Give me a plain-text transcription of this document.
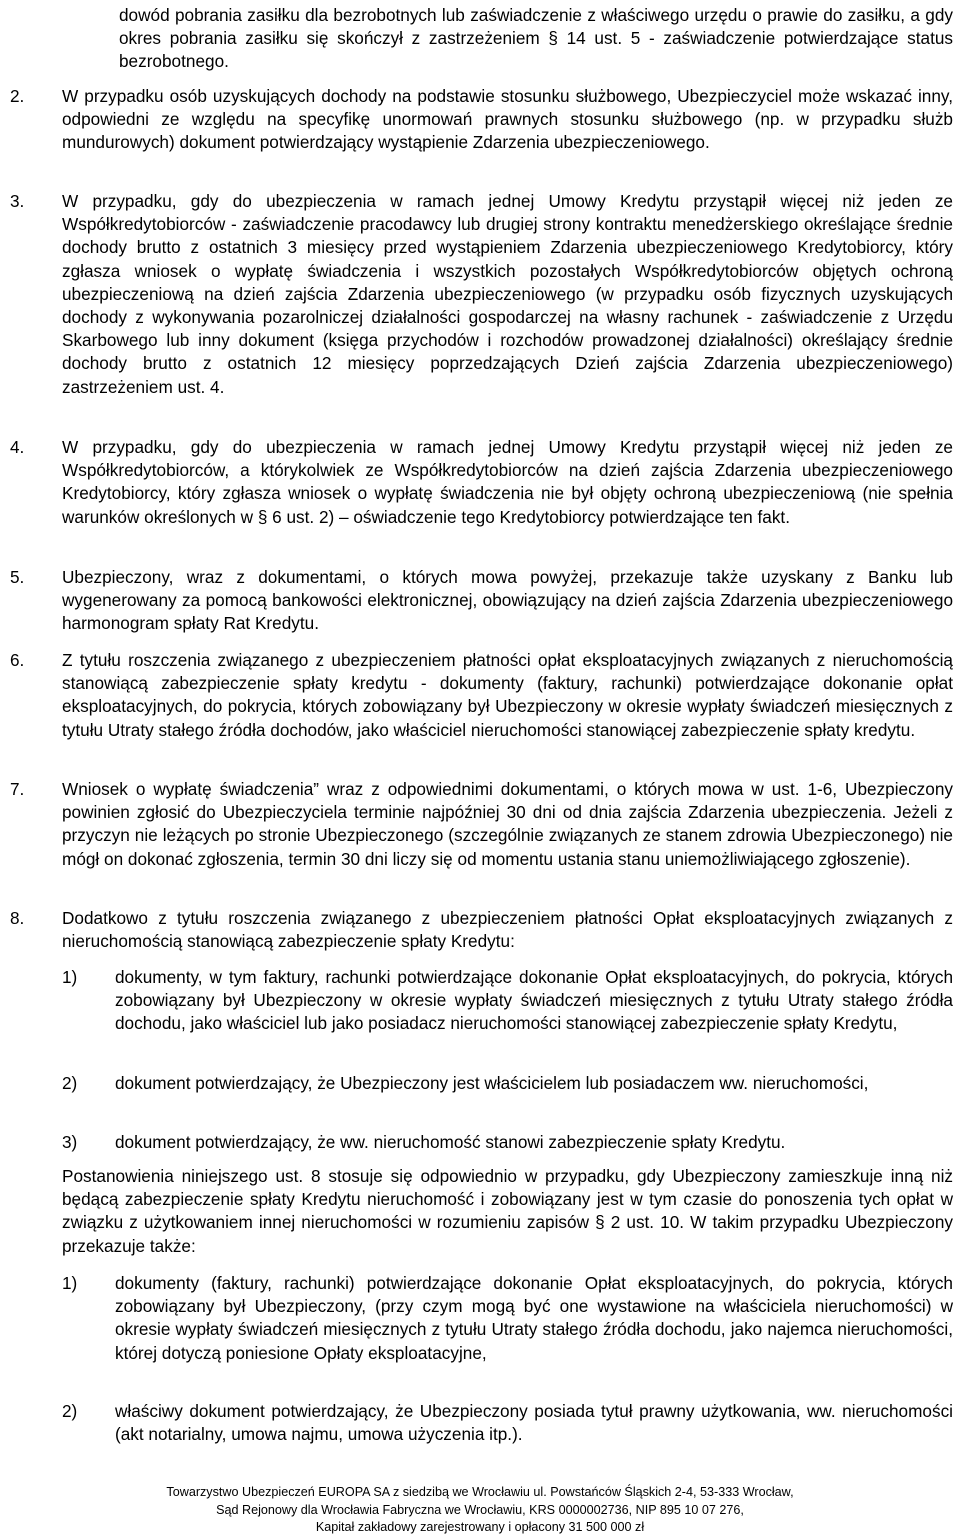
dowód pobrania zasiłku dla bezrobotnych lub zaświadczenie z właściwego urzędu o prawie do zasiłku, a gdy okres pobrania zasiłku się skończył z zastrzeżeniem § 14 ust. 5 - zaświadczenie potwierdzające status bezrobotnego.
2. W przypadku osób uzyskujących dochody na podstawie stosunku służbowego, Ubezpieczyciel może wskazać inny, odpowiedni ze względu na specyfikę unormowań prawnych stosunku służbowego (np. w przypadku służb mundurowych) dokument potwierdzający wystąpienie Zdarzenia ubezpieczeniowego.
3. W przypadku, gdy do ubezpieczenia w ramach jednej Umowy Kredytu przystąpił więcej niż jeden ze Współkredytobiorców - zaświadczenie pracodawcy lub drugiej strony kontraktu menedżerskiego określające średnie dochody brutto z ostatnich 3 miesięcy przed wystąpieniem Zdarzenia ubezpieczeniowego Kredytobiorcy, który zgłasza wniosek o wypłatę świadczenia i wszystkich pozostałych Współkredytobiorców objętych ochroną ubezpieczeniową na dzień zajścia Zdarzenia ubezpieczeniowego (w przypadku osób fizycznych uzyskujących dochody z wykonywania pozarolniczej działalności gospodarczej na własny rachunek - zaświadczenie z Urzędu Skarbowego lub inny dokument (księga przychodów i rozchodów prowadzonej działalności) określający średnie dochody brutto z ostatnich 12 miesięcy poprzedzających Dzień zajścia Zdarzenia ubezpieczeniowego) zastrzeżeniem ust. 4.
4. W przypadku, gdy do ubezpieczenia w ramach jednej Umowy Kredytu przystąpił więcej niż jeden ze Współkredytobiorców, a którykolwiek ze Współkredytobiorców na dzień zajścia Zdarzenia ubezpieczeniowego Kredytobiorcy, który zgłasza wniosek o wypłatę świadczenia nie był objęty ochroną ubezpieczeniową (nie spełnia warunków określonych w § 6 ust. 2) – oświadczenie tego Kredytobiorcy potwierdzające ten fakt.
5. Ubezpieczony, wraz z dokumentami, o których mowa powyżej, przekazuje także uzyskany z Banku lub wygenerowany za pomocą bankowości elektronicznej, obowiązujący na dzień zajścia Zdarzenia ubezpieczeniowego harmonogram spłaty Rat Kredytu.
6. Z tytułu roszczenia związanego z ubezpieczeniem płatności opłat eksploatacyjnych związanych z nieruchomością stanowiącą zabezpieczenie spłaty kredytu - dokumenty (faktury, rachunki) potwierdzające dokonanie opłat eksploatacyjnych, do pokrycia, których zobowiązany był Ubezpieczony w okresie wypłaty świadczeń miesięcznych z tytułu Utraty stałego źródła dochodów, jako właściciel nieruchomości stanowiącej zabezpieczenie spłaty kredytu.
7. Wniosek o wypłatę świadczenia” wraz z odpowiednimi dokumentami, o których mowa w ust. 1-6, Ubezpieczony powinien zgłosić do Ubezpieczyciela terminie najpóźniej 30 dni od dnia zajścia Zdarzenia ubezpieczenia. Jeżeli z przyczyn nie leżących po stronie Ubezpieczonego (szczególnie związanych ze stanem zdrowia Ubezpieczonego) nie mógł on dokonać zgłoszenia, termin 30 dni liczy się od momentu ustania stanu uniemożliwiającego zgłoszenie).
8. Dodatkowo z tytułu roszczenia związanego z ubezpieczeniem płatności Opłat eksploatacyjnych związanych z nieruchomością stanowiącą zabezpieczenie spłaty Kredytu:
1) dokumenty, w tym faktury, rachunki potwierdzające dokonanie Opłat eksploatacyjnych, do pokrycia, których zobowiązany był Ubezpieczony w okresie wypłaty świadczeń miesięcznych z tytułu Utraty stałego źródła dochodu, jako właściciel lub jako posiadacz nieruchomości stanowiącej zabezpieczenie spłaty Kredytu,
2) dokument potwierdzający, że Ubezpieczony jest właścicielem lub posiadaczem ww. nieruchomości,
3) dokument potwierdzający, że ww. nieruchomość stanowi zabezpieczenie spłaty Kredytu.
Postanowienia niniejszego ust. 8 stosuje się odpowiednio w przypadku, gdy Ubezpieczony zamieszkuje inną niż będącą zabezpieczenie spłaty Kredytu nieruchomość i zobowiązany jest w tym czasie do ponoszenia tych opłat w związku z użytkowaniem innej nieruchomości w rozumieniu zapisów § 2 ust. 10. W takim przypadku Ubezpieczony przekazuje także:
1) dokumenty (faktury, rachunki) potwierdzające dokonanie Opłat eksploatacyjnych, do pokrycia, których zobowiązany był Ubezpieczony, (przy czym mogą być one wystawione na właściciela nieruchomości) w okresie wypłaty świadczeń miesięcznych z tytułu Utraty stałego źródła dochodu, jako najemca nieruchomości, której dotyczą poniesione Opłaty eksploatacyjne,
2) właściwy dokument potwierdzający, że Ubezpieczony posiada tytuł prawny użytkowania, ww. nieruchomości (akt notarialny, umowa najmu, umowa użyczenia itp.).
Towarzystwo Ubezpieczeń EUROPA SA z siedzibą we Wrocławiu ul. Powstańców Śląskich 2-4, 53-333 Wrocław,
Sąd Rejonowy dla Wrocławia Fabryczna we Wrocławiu, KRS 0000002736, NIP 895 10 07 276,
Kapitał zakładowy zarejestrowany i opłacony 31 500 000 zł
